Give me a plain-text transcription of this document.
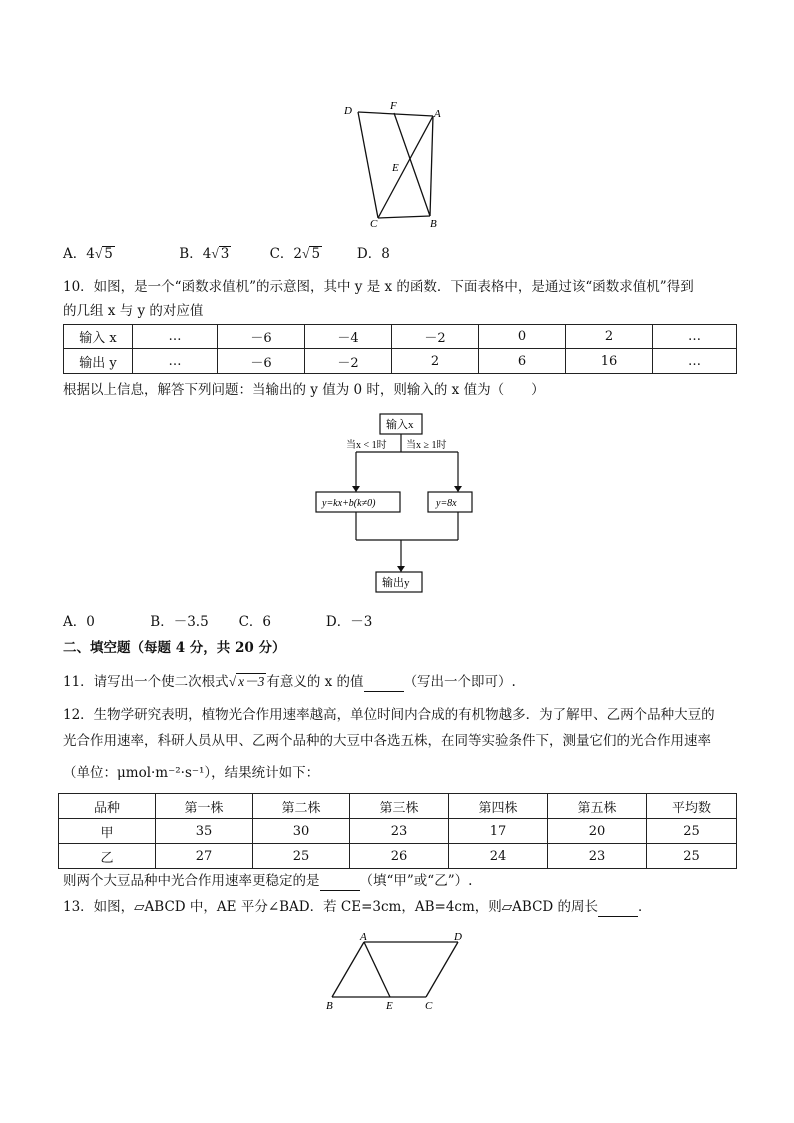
D	F
A
E
C	B
A．4√ 5	B．4√ 3	C．2√ 5	D．8
10．如图，是一个“函数求值机”的示意图，其中 y 是 x 的函数．下面表格中，是通过该“函数求值机”得到
的几组 x 与 y 的对应值
输入 x	…	－6	－4	－2	0	2	…
输出 y	…	－6	－2	2	6	16	…
根据以上信息，解答下列问题：当输出的 y 值为 0 时，则输入的 x 值为（　　）
输入x
当x < 1时 当x ≥ 1时
y=kx+b(k≠0)	y=8x
输出y
A．0	B．－3.5 C．6	D．－3
二、填空题（每题 4 分，共 20 分）
11．请写出一个使二次根式√ x－3 有意义的 x 的值	（写出一个即可）.
12．生物学研究表明，植物光合作用速率越高，单位时间内合成的有机物越多．为了解甲、乙两个品种大豆的
光合作用速率，科研人员从甲、乙两个品种的大豆中各选五株，在同等实验条件下，测量它们的光合作用速率
（单位：μmol·m⁻²·s⁻¹），结果统计如下：
品种	第一株	第二株	第三株	第四株	第五株	平均数
甲	35	30	23	17	20	25
乙	27	25	26	24	23	25
则两个大豆品种中光合作用速率更稳定的是	（填“甲”或“乙”）.
13．如图，▱ABCD 中，AE 平分∠BAD．若 CE=3cm，AB=4cm，则▱ABCD 的周长	．
A	D
B	E	C
